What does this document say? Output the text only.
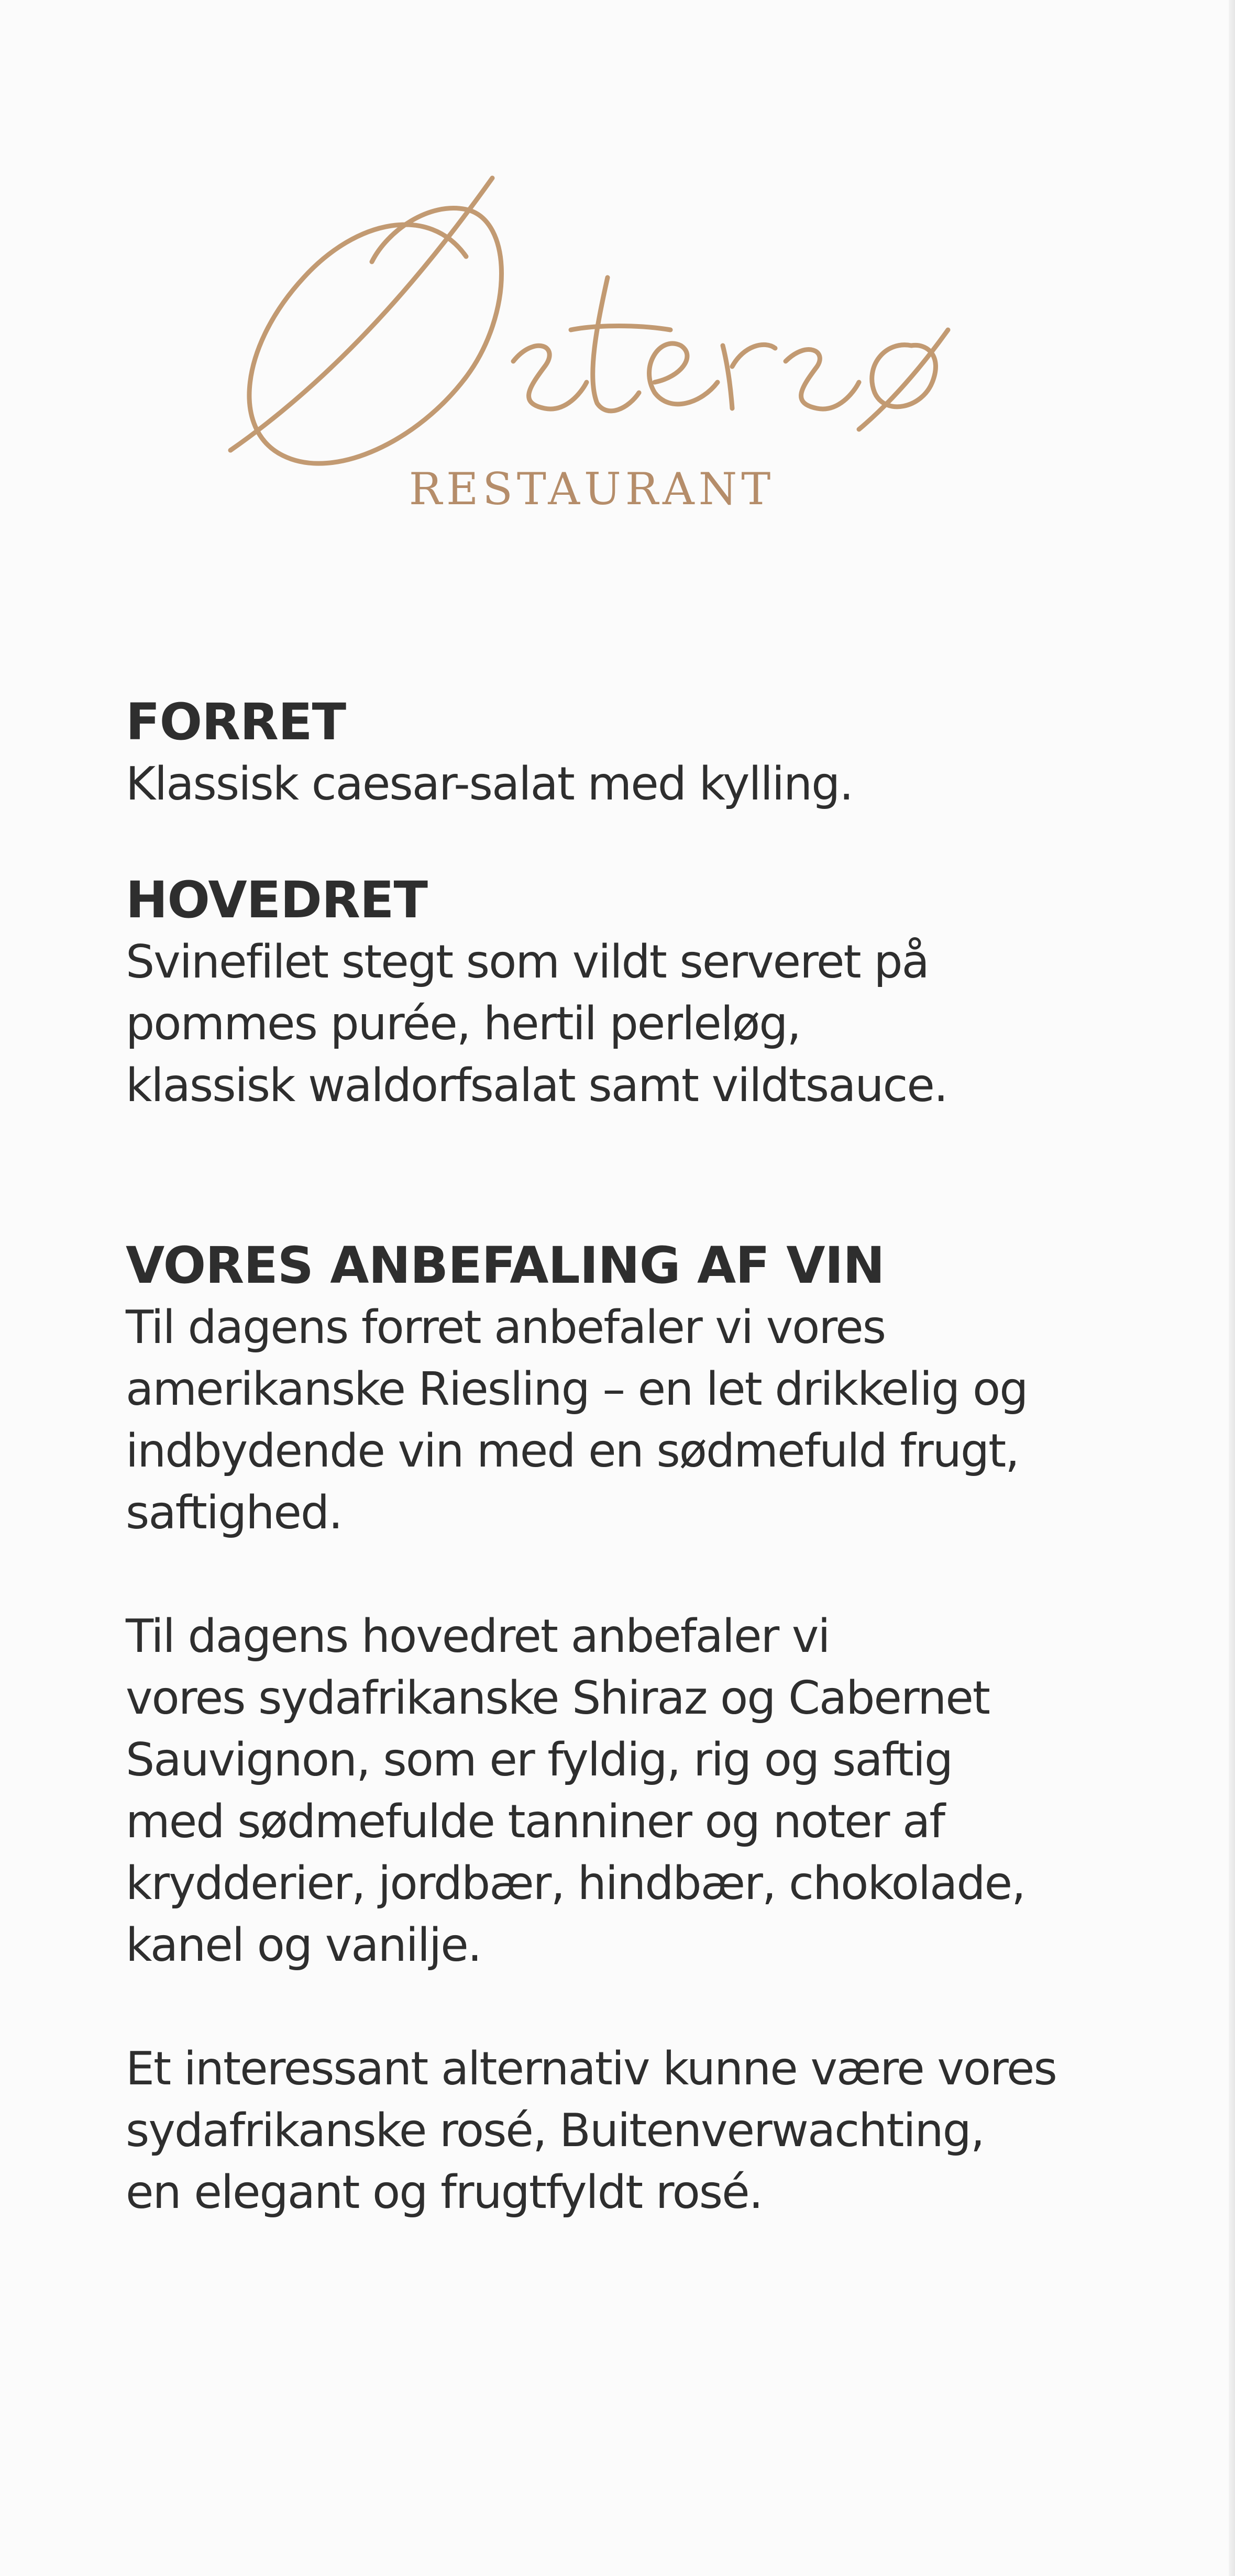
RESTAURANT

FORRET

Klassisk caesar-salat med kylling.

HOVEDRET

Svinefilet stegt som vildt serveret på

pommes purée, hertil perleløg,

klassisk waldorfsalat samt vildtsauce.

VORES ANBEFALING AF VIN

Til dagens forret anbefaler vi vores

amerikanske Riesling – en let drikkelig og

indbydende vin med en sødmefuld frugt,

saftighed.

Til dagens hovedret anbefaler vi

vores sydafrikanske Shiraz og Cabernet

Sauvignon, som er fyldig, rig og saftig

med sødmefulde tanniner og noter af

krydderier, jordbær, hindbær, chokolade,

kanel og vanilje.

Et interessant alternativ kunne være vores

sydafrikanske rosé, Buitenverwachting,

en elegant og frugtfyldt rosé.
